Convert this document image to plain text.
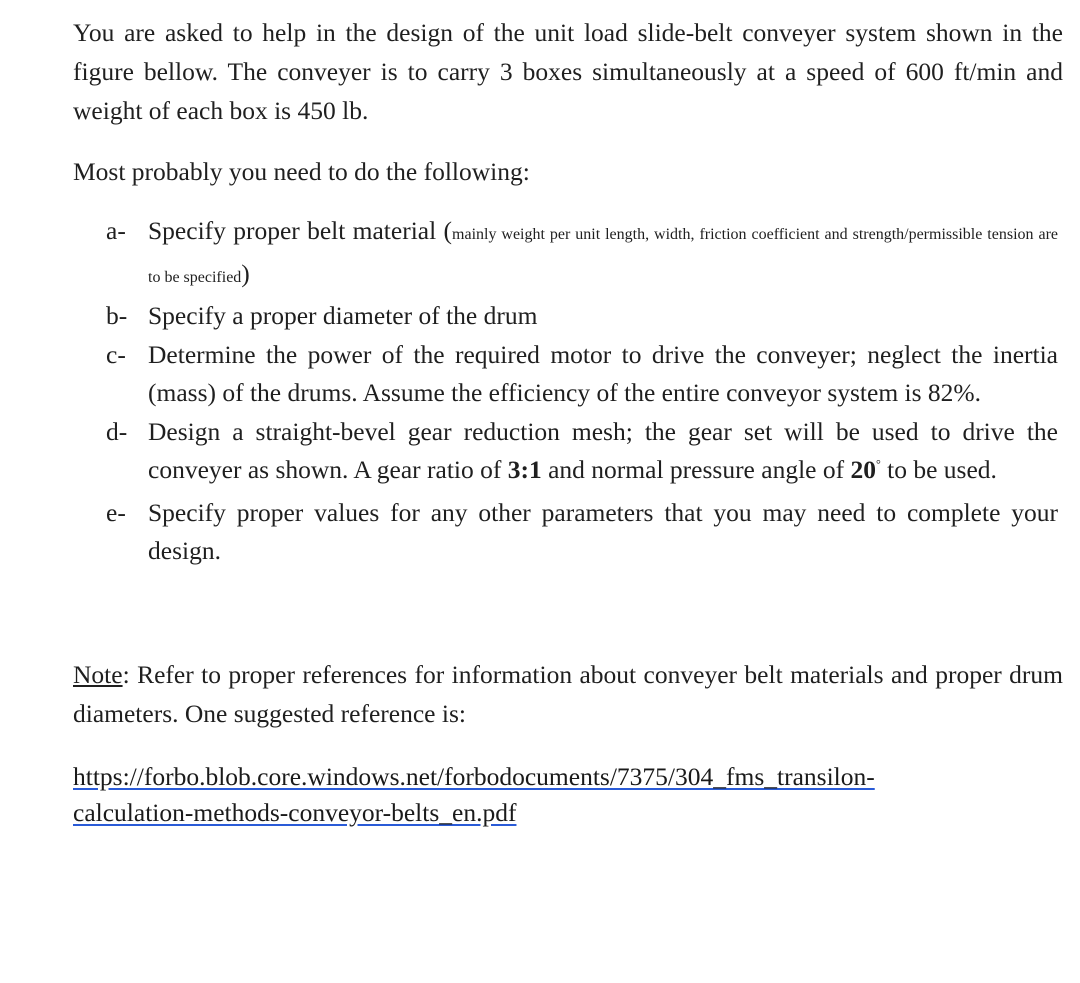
You are asked to help in the design of the unit load slide-belt conveyer system shown in the figure bellow. The conveyer is to carry 3 boxes simultaneously at a speed of 600 ft/min and weight of each box is 450 lb.

Most probably you need to do the following:

a- Specify proper belt material (mainly weight per unit length, width, friction coefficient and strength/permissible tension are to be specified)
b- Specify a proper diameter of the drum
c- Determine the power of the required motor to drive the conveyer; neglect the inertia (mass) of the drums. Assume the efficiency of the entire conveyor system is 82%.
d- Design a straight-bevel gear reduction mesh; the gear set will be used to drive the conveyer as shown. A gear ratio of 3:1 and normal pressure angle of 20° to be used.
e- Specify proper values for any other parameters that you may need to complete your design.

Note: Refer to proper references for information about conveyer belt materials and proper drum diameters. One suggested reference is:

https://forbo.blob.core.windows.net/forbodocuments/7375/304_fms_transilon-
calculation-methods-conveyor-belts_en.pdf
